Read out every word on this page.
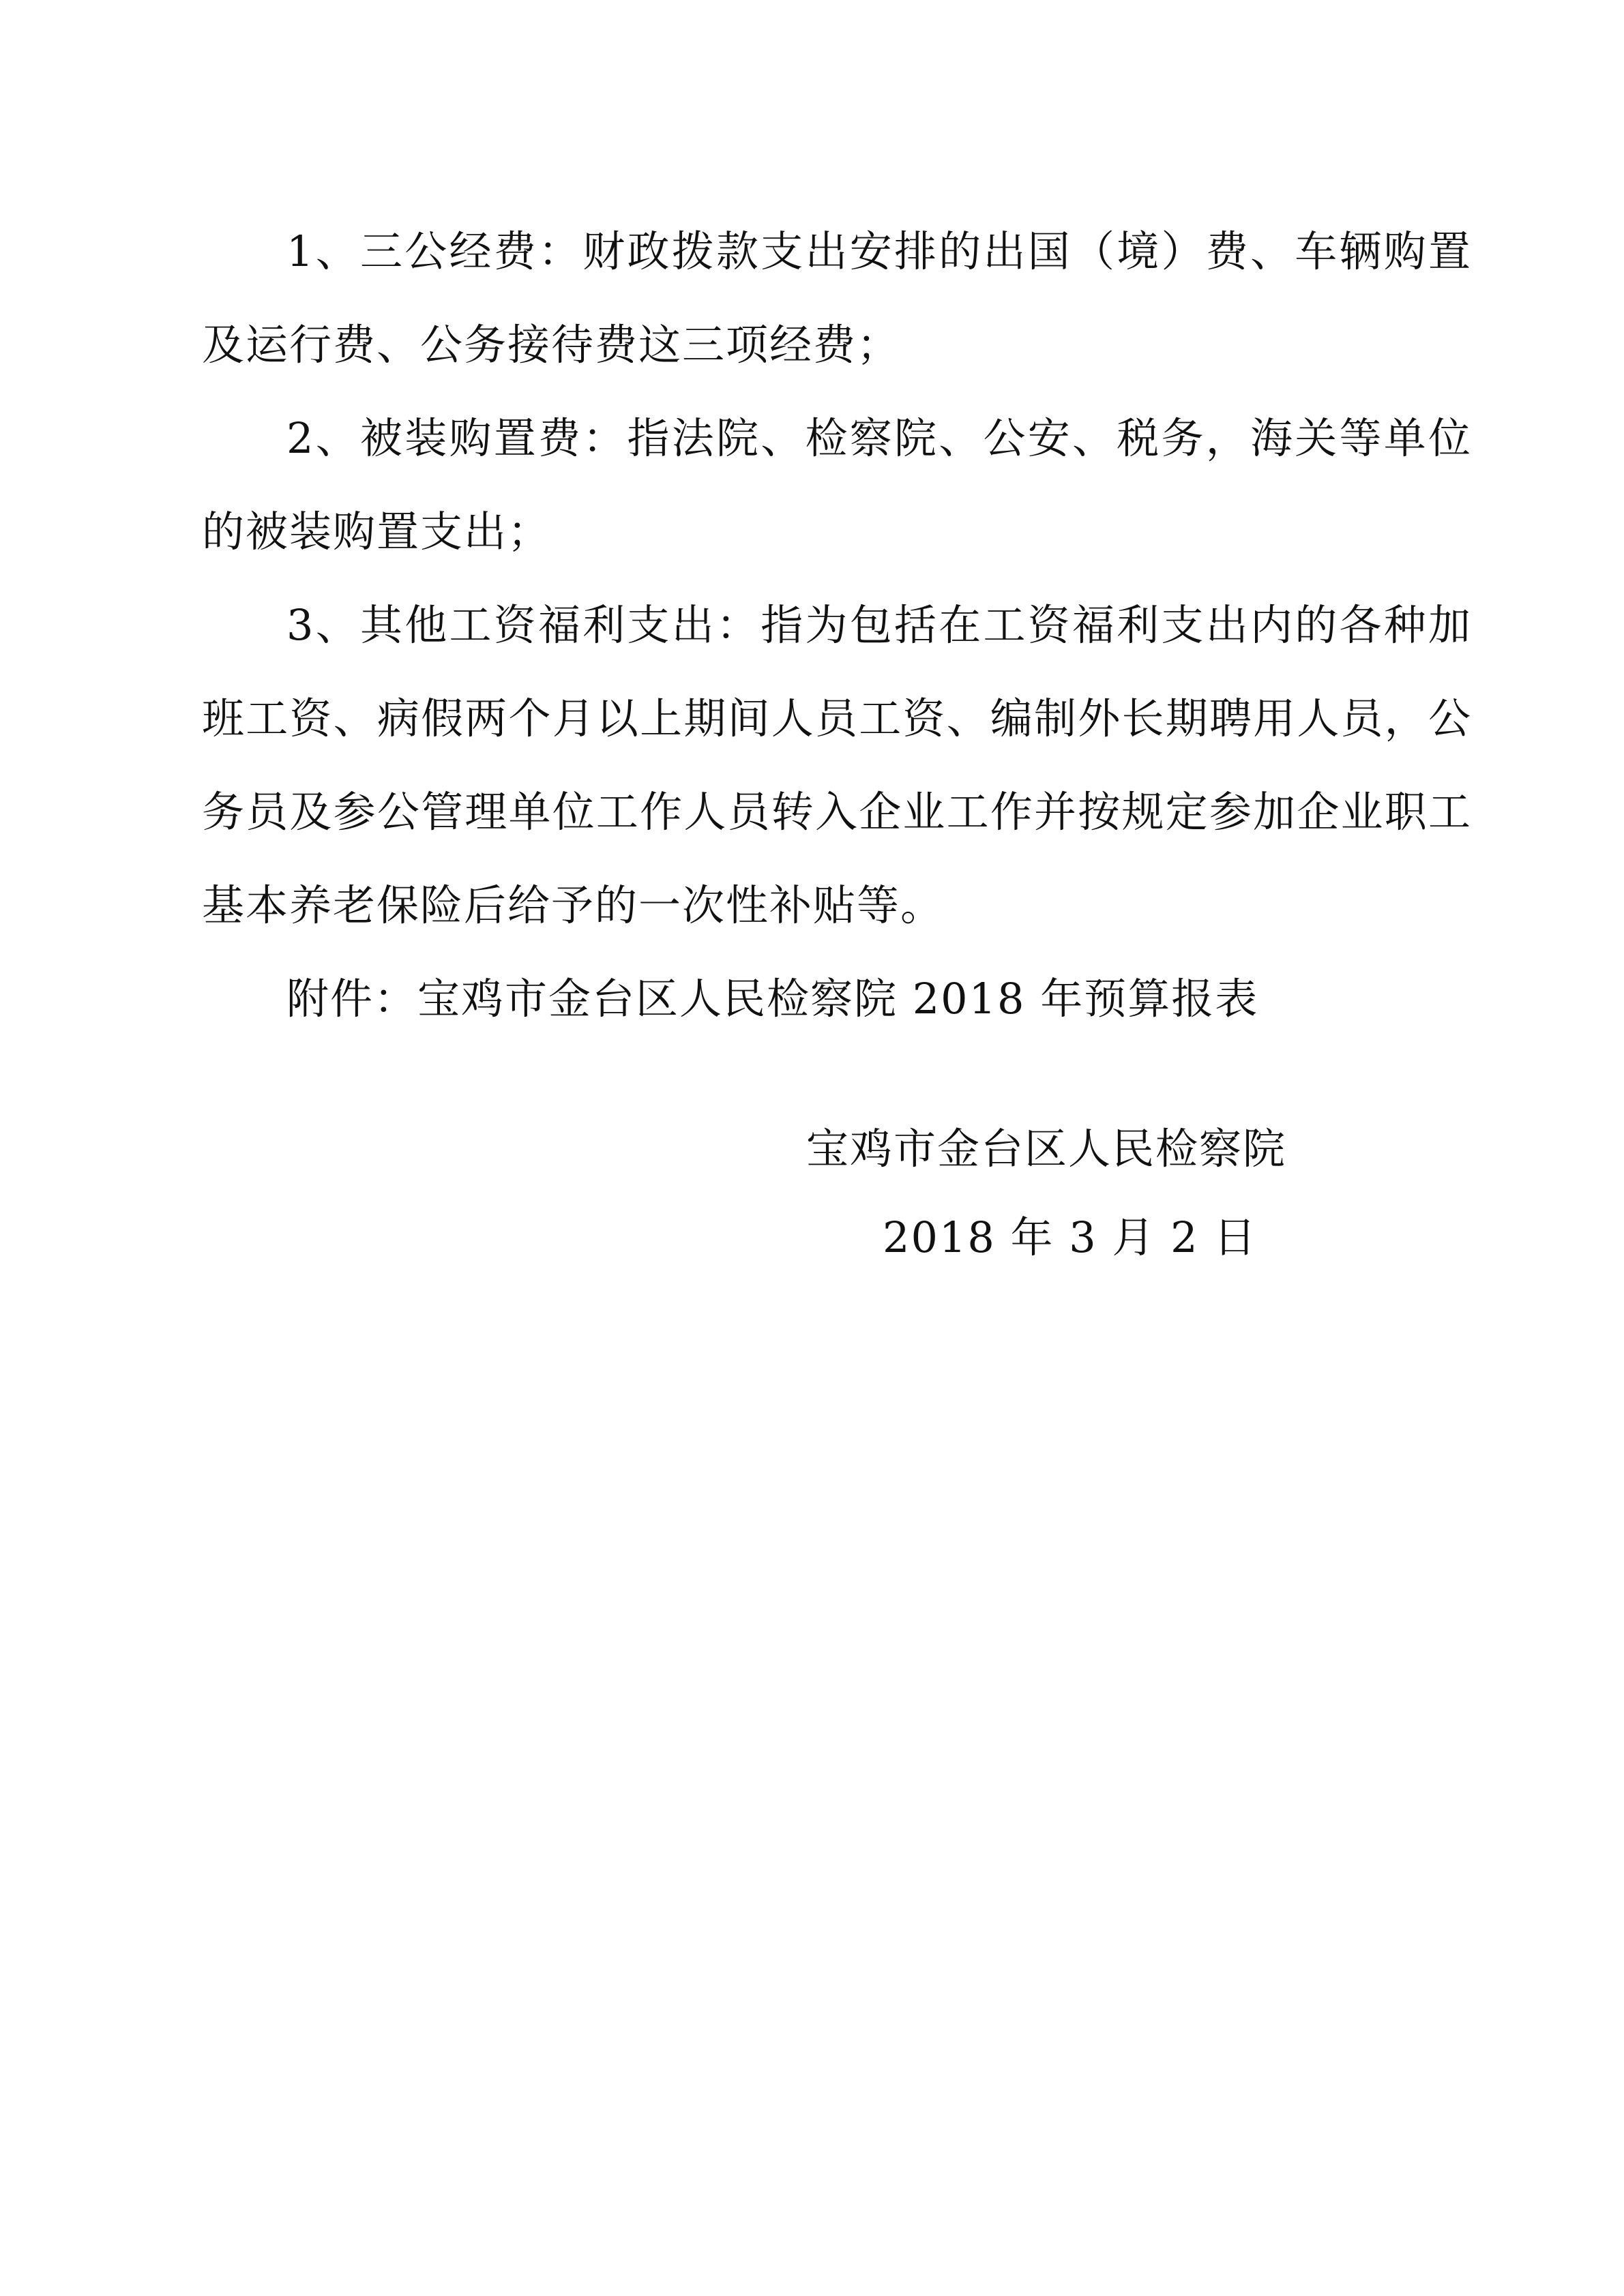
1、三公经费：财政拨款支出安排的出国（境）费、车辆购置及运行费、公务接待费这三项经费；

2、被装购置费：指法院、检察院、公安、税务，海关等单位的被装购置支出；

3、其他工资福利支出：指为包括在工资福利支出内的各种加班工资、病假两个月以上期间人员工资、编制外长期聘用人员，公务员及参公管理单位工作人员转入企业工作并按规定参加企业职工基本养老保险后给予的一次性补贴等。

附件：宝鸡市金台区人民检察院 2018 年预算报表

宝鸡市金台区人民检察院
2018 年 3 月 2 日
